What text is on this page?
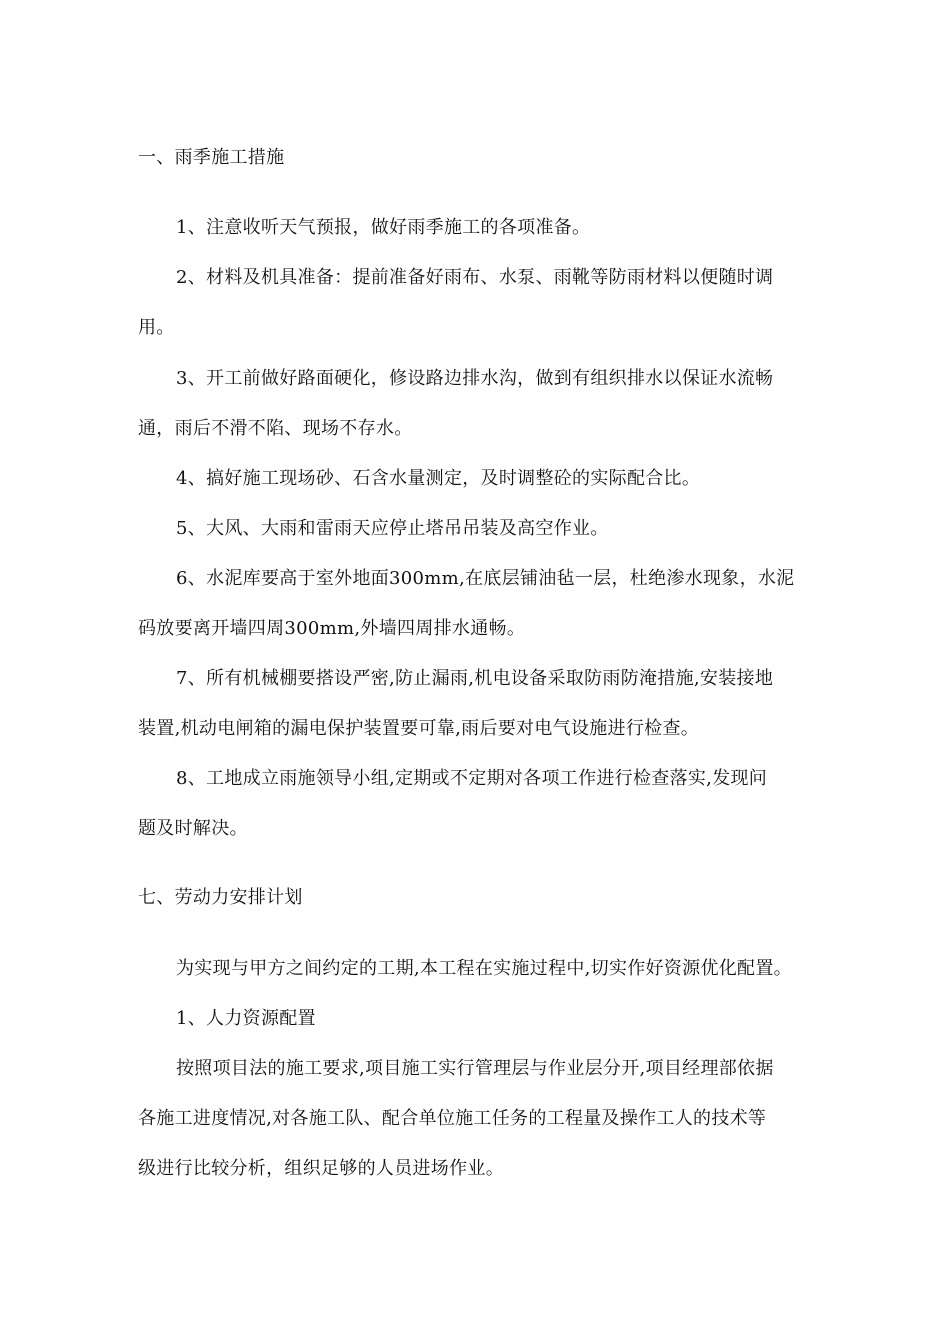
一、雨季施工措施
1、注意收听天气预报，做好雨季施工的各项准备。
2、材料及机具准备：提前准备好雨布、水泵、雨靴等防雨材料以便随时调
用。
3、开工前做好路面硬化，修设路边排水沟，做到有组织排水以保证水流畅
通，雨后不滑不陷、现场不存水。
4、搞好施工现场砂、石含水量测定，及时调整砼的实际配合比。
5、大风、大雨和雷雨天应停止塔吊吊装及高空作业。
6、水泥库要高于室外地面300mm,在底层铺油毡一层，杜绝渗水现象，水泥
码放要离开墙四周300mm,外墙四周排水通畅。
7、所有机械棚要搭设严密,防止漏雨,机电设备采取防雨防淹措施,安装接地
装置,机动电闸箱的漏电保护装置要可靠,雨后要对电气设施进行检查。
8、工地成立雨施领导小组,定期或不定期对各项工作进行检查落实,发现问
题及时解决。
七、劳动力安排计划
为实现与甲方之间约定的工期,本工程在实施过程中,切实作好资源优化配置。
1、人力资源配置
按照项目法的施工要求,项目施工实行管理层与作业层分开,项目经理部依据
各施工进度情况,对各施工队、配合单位施工任务的工程量及操作工人的技术等
级进行比较分析，组织足够的人员进场作业。
